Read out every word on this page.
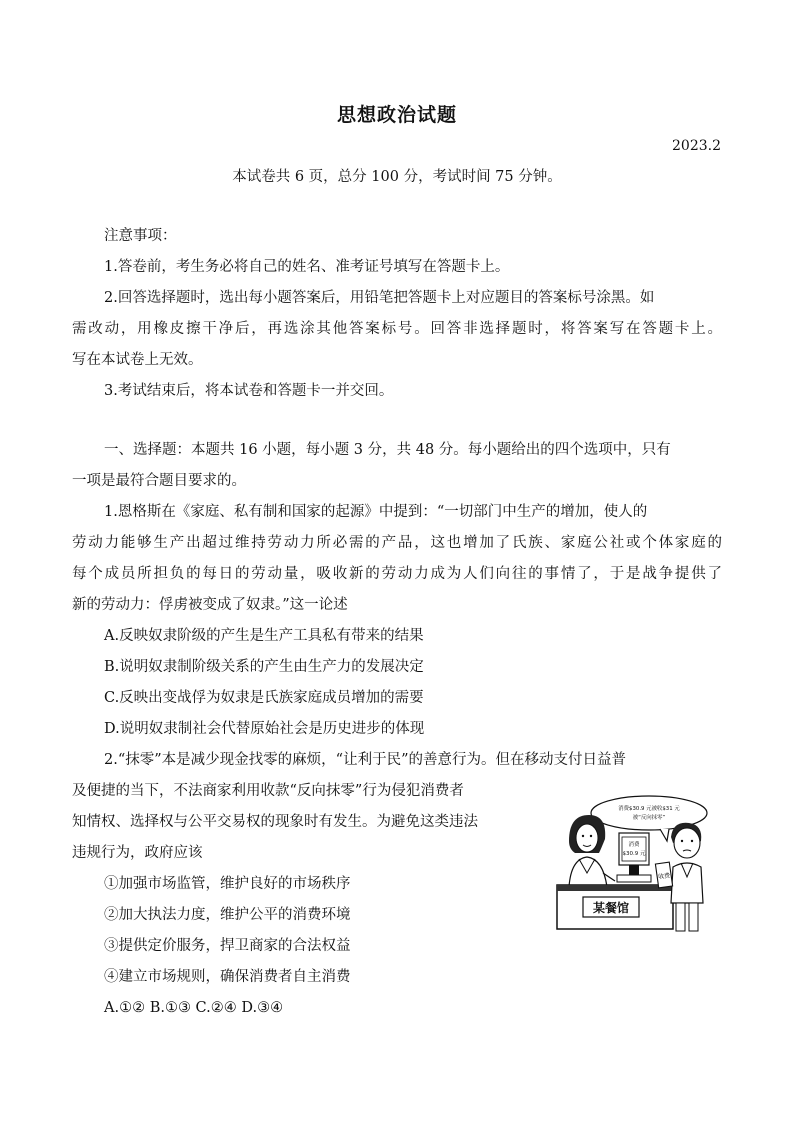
思想政治试题
2023.2
本试卷共 6 页，总分 100 分，考试时间 75 分钟。
注意事项：
1.答卷前，考生务必将自己的姓名、准考证号填写在答题卡上。
2.回答选择题时，选出每小题答案后，用铅笔把答题卡上对应题目的答案标号涂黑。如
需改动，用橡皮擦干净后，再选涂其他答案标号。回答非选择题时，将答案写在答题卡上。
写在本试卷上无效。
3.考试结束后，将本试卷和答题卡一并交回。
一、选择题：本题共 16 小题，每小题 3 分，共 48 分。每小题给出的四个选项中，只有
一项是最符合题目要求的。
1.恩格斯在《家庭、私有制和国家的起源》中提到：“一切部门中生产的增加，使人的
劳动力能够生产出超过维持劳动力所必需的产品，这也增加了氏族、家庭公社或个体家庭的
每个成员所担负的每日的劳动量，吸收新的劳动力成为人们向往的事情了，于是战争提供了
新的劳动力：俘虏被变成了奴隶。”这一论述
A.反映奴隶阶级的产生是生产工具私有带来的结果
B.说明奴隶制阶级关系的产生由生产力的发展决定
C.反映出变战俘为奴隶是氏族家庭成员增加的需要
D.说明奴隶制社会代替原始社会是历史进步的体现
2.“抹零”本是减少现金找零的麻烦，“让利于民”的善意行为。但在移动支付日益普
及便捷的当下，不法商家利用收款“反向抹零”行为侵犯消费者
知情权、选择权与公平交易权的现象时有发生。为避免这类违法
违规行为，政府应该
①加强市场监管，维护良好的市场秩序
②加大执法力度，维护公平的消费环境
③提供定价服务，捍卫商家的合法权益
④建立市场规则，确保消费者自主消费
A.①② B.①③ C.②④ D.③④
消费$30.9 元被收$31 元
被“反向抹零”
消费
$30.9 元
某餐馆
收费
